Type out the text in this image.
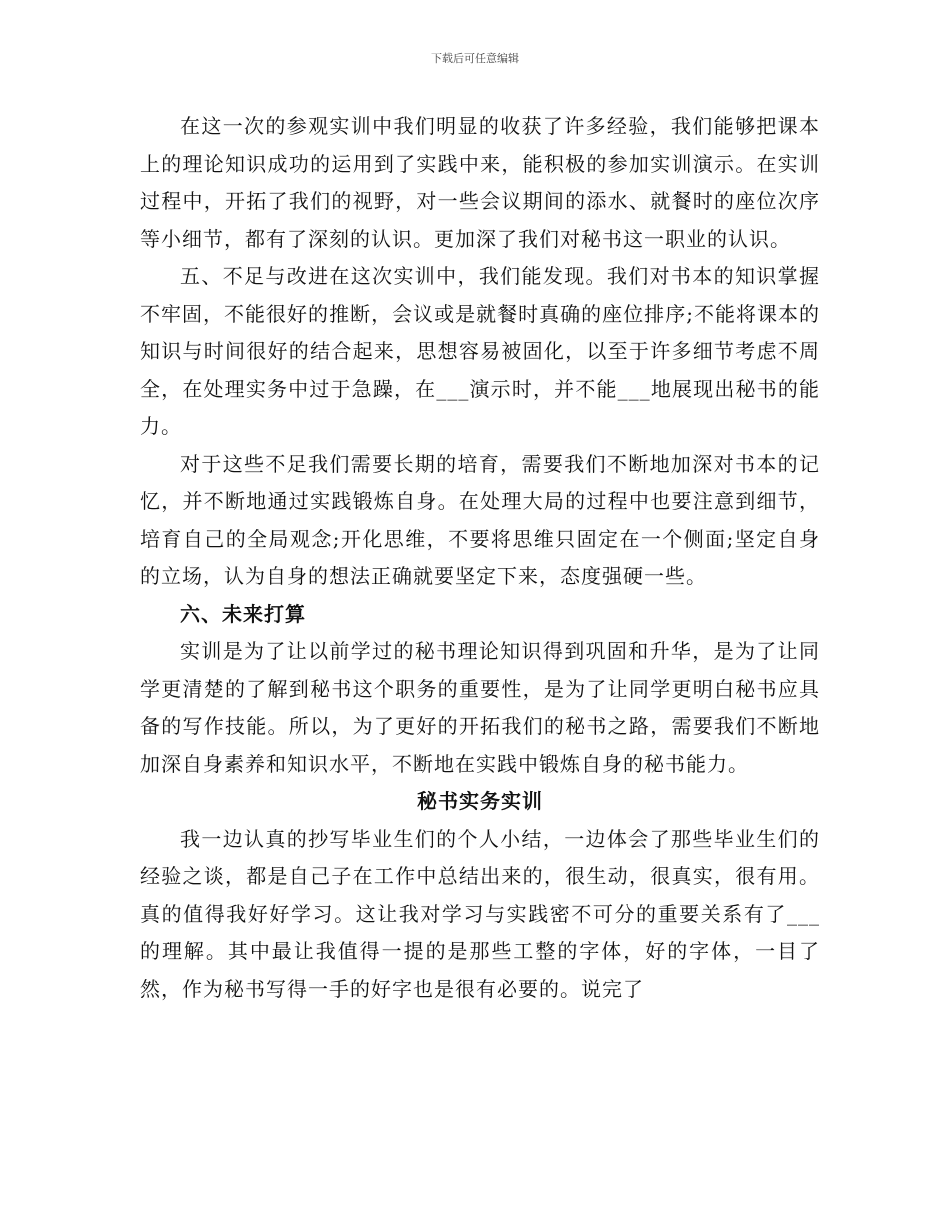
下载后可任意编辑

在这一次的参观实训中我们明显的收获了许多经验，我们能够把课本上的理论知识成功的运用到了实践中来，能积极的参加实训演示。在实训过程中，开拓了我们的视野，对一些会议期间的添水、就餐时的座位次序等小细节，都有了深刻的认识。更加深了我们对秘书这一职业的认识。

五、不足与改进在这次实训中，我们能发现。我们对书本的知识掌握不牢固，不能很好的推断，会议或是就餐时真确的座位排序;不能将课本的知识与时间很好的结合起来，思想容易被固化，以至于许多细节考虑不周全，在处理实务中过于急躁，在___演示时，并不能___地展现出秘书的能力。

对于这些不足我们需要长期的培育，需要我们不断地加深对书本的记忆，并不断地通过实践锻炼自身。在处理大局的过程中也要注意到细节，培育自己的全局观念;开化思维，不要将思维只固定在一个侧面;坚定自身的立场，认为自身的想法正确就要坚定下来，态度强硬一些。

六、未来打算

实训是为了让以前学过的秘书理论知识得到巩固和升华，是为了让同学更清楚的了解到秘书这个职务的重要性，是为了让同学更明白秘书应具备的写作技能。所以，为了更好的开拓我们的秘书之路，需要我们不断地加深自身素养和知识水平，不断地在实践中锻炼自身的秘书能力。

秘书实务实训

我一边认真的抄写毕业生们的个人小结，一边体会了那些毕业生们的经验之谈，都是自己子在工作中总结出来的，很生动，很真实，很有用。真的值得我好好学习。这让我对学习与实践密不可分的重要关系有了___的理解。其中最让我值得一提的是那些工整的字体，好的字体，一目了然，作为秘书写得一手的好字也是很有必要的。说完了
